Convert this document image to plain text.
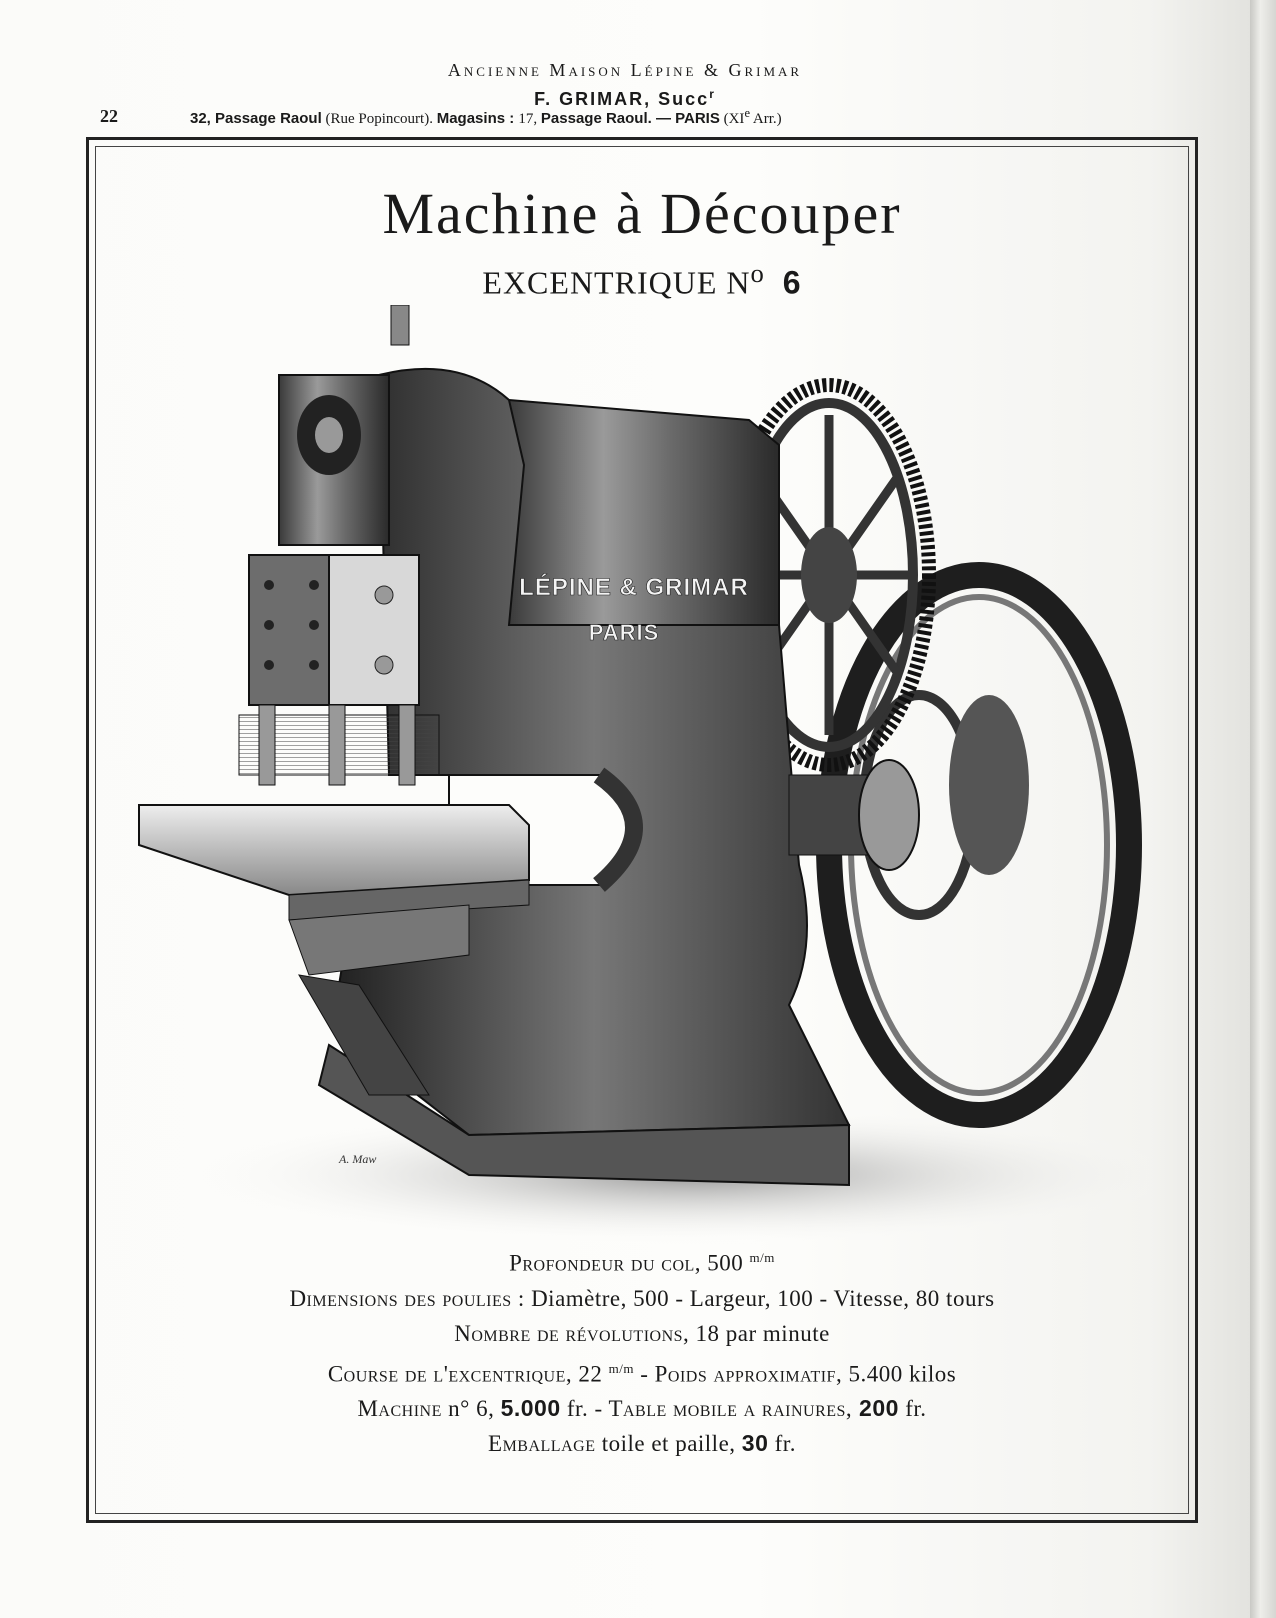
Ancienne Maison Lépine & Grimar
F. GRIMAR, Succ$^r$
32, Passage Raoul (Rue Popincourt). Magasins : 17, Passage Raoul. — PARIS (XIe Arr.)
22
Machine à Découper
EXCENTRIQUE $N^o$ 6
LÉPINE & GRIMAR
PARIS
A. Maw
Profondeur du col, 500 $^{m/m}$
Dimensions des poulies : Diamètre, 500 - Largeur, 100 - Vitesse, 80 tours
Nombre de révolutions, 18 par minute
Course de l'excentrique, 22 $^{m/m}$ - Poids approximatif, 5.400 kilos
Machine n° 6, 5.000 fr. - Table mobile a rainures, 200 fr.
Emballage toile et paille, 30 fr.
